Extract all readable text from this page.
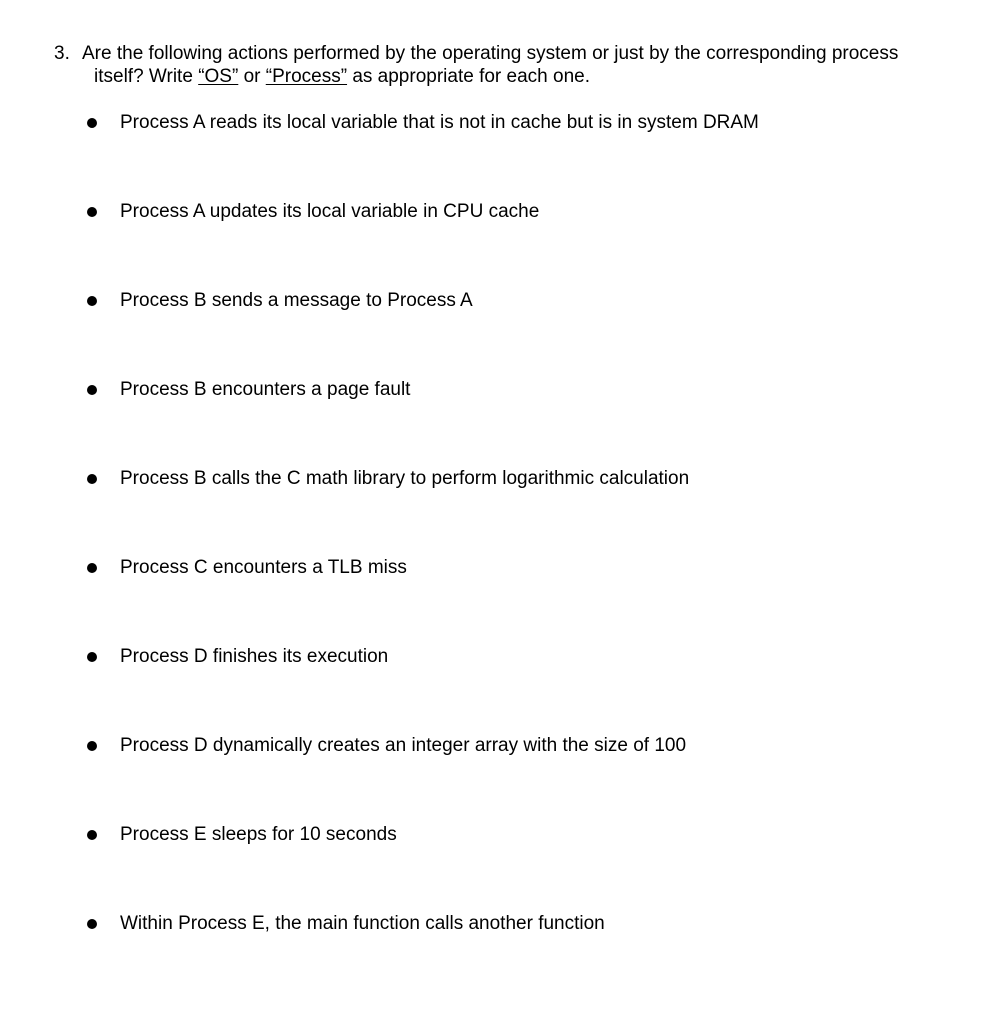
3. Are the following actions performed by the operating system or just by the corresponding process
itself? Write “OS” or “Process” as appropriate for each one.
Process A reads its local variable that is not in cache but is in system DRAM
Process A updates its local variable in CPU cache
Process B sends a message to Process A
Process B encounters a page fault
Process B calls the C math library to perform logarithmic calculation
Process C encounters a TLB miss
Process D finishes its execution
Process D dynamically creates an integer array with the size of 100
Process E sleeps for 10 seconds
Within Process E, the main function calls another function
